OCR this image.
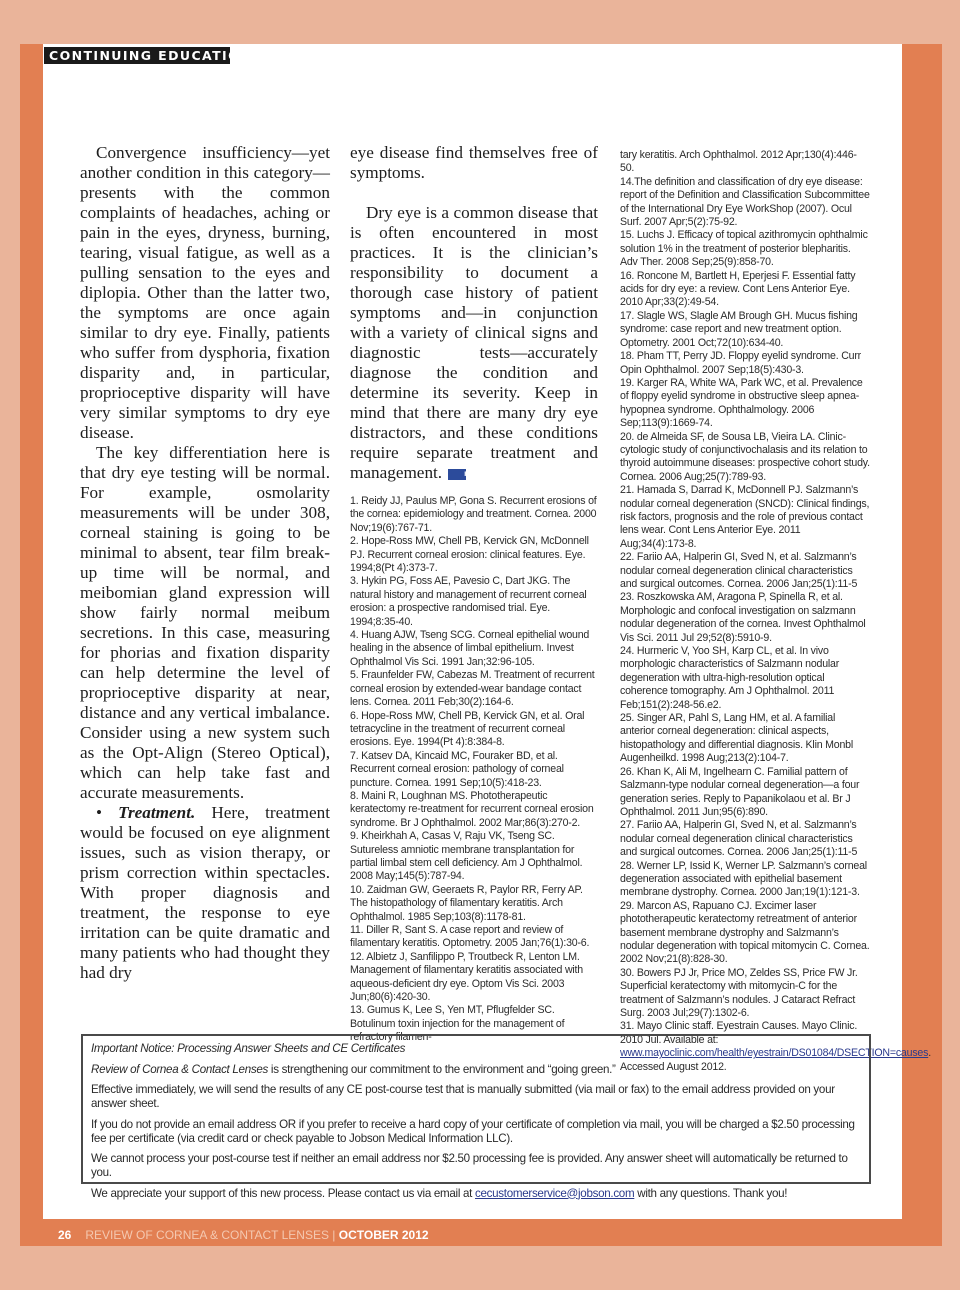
CONTINUING EDUCATION

Convergence insufficiency—yet another condition in this category—presents with the common complaints of headaches, aching or pain in the eyes, dryness, burning, tearing, visual fatigue, as well as a pulling sensation to the eyes and diplopia. Other than the latter two, the symptoms are once again similar to dry eye. Finally, patients who suffer from dysphoria, fixation disparity and, in particular, proprioceptive disparity will have very similar symptoms to dry eye disease.

The key differentiation here is that dry eye testing will be normal. For example, osmolarity measurements will be under 308, corneal staining is going to be minimal to absent, tear film break-up time will be normal, and meibomian gland expression will show fairly normal meibum secretions. In this case, measuring for phorias and fixation disparity can help determine the level of proprioceptive disparity at near, distance and any vertical imbalance. Consider using a new system such as the Opt-Align (Stereo Optical), which can help take fast and accurate measurements.

• Treatment. Here, treatment would be focused on eye alignment issues, such as vision therapy, or prism correction within spectacles. With proper diagnosis and treatment, the response to eye irritation can be quite dramatic and many patients who had thought they had dry

eye disease find themselves free of symptoms.

Dry eye is a common disease that is often encountered in most practices. It is the clinician’s responsibility to document a thorough case history of patient symptoms and—in conjunction with a variety of clinical signs and diagnostic tests—accurately diagnose the condition and determine its severity. Keep in mind that there are many dry eye distractors, and these conditions require separate treatment and management.	RCCL

1. Reidy JJ, Paulus MP, Gona S. Recurrent erosions of the cornea: epidemiology and treatment. Cornea. 2000 Nov;19(6):767-71.

2. Hope-Ross MW, Chell PB, Kervick GN, McDonnell PJ. Recurrent corneal erosion: clinical features. Eye. 1994;8(Pt 4):373-7.

3. Hykin PG, Foss AE, Pavesio C, Dart JKG. The natural history and management of recurrent corneal erosion: a prospective randomised trial. Eye. 1994;8:35-40.

4. Huang AJW, Tseng SCG. Corneal epithelial wound healing in the absence of limbal epithelium. Invest Ophthalmol Vis Sci. 1991 Jan;32:96-105.

5. Fraunfelder FW, Cabezas M. Treatment of recurrent corneal erosion by extended-wear bandage contact lens. Cornea. 2011 Feb;30(2):164-6.

6. Hope-Ross MW, Chell PB, Kervick GN, et al. Oral tetracycline in the treatment of recurrent corneal erosions. Eye. 1994(Pt 4):8:384-8.

7. Katsev DA, Kincaid MC, Fouraker BD, et al. Recurrent corneal erosion: pathology of corneal puncture. Cornea. 1991 Sep;10(5):418-23.

8. Maini R, Loughnan MS. Phototherapeutic keratectomy re-treatment for recurrent corneal erosion syndrome. Br J Ophthalmol. 2002 Mar;86(3):270-2.

9. Kheirkhah A, Casas V, Raju VK, Tseng SC. Sutureless amniotic membrane transplantation for partial limbal stem cell deficiency. Am J Ophthalmol. 2008 May;145(5):787-94.

10. Zaidman GW, Geeraets R, Paylor RR, Ferry AP. The histopathology of filamentary keratitis. Arch Ophthalmol. 1985 Sep;103(8):1178-81.

11. Diller R, Sant S. A case report and review of filamentary keratitis. Optometry. 2005 Jan;76(1):30-6.

12. Albietz J, Sanfilippo P, Troutbeck R, Lenton LM. Management of filamentary keratitis associated with aqueous-deficient dry eye. Optom Vis Sci. 2003 Jun;80(6):420-30.

13. Gumus K, Lee S, Yen MT, Pflugfelder SC. Botulinum toxin injection for the management of refractory filamen-

tary keratitis. Arch Ophthalmol. 2012 Apr;130(4):446-50.

14.The definition and classification of dry eye disease: report of the Definition and Classification Subcommittee of the International Dry Eye WorkShop (2007). Ocul Surf. 2007 Apr;5(2):75-92.

15. Luchs J. Efficacy of topical azithromycin ophthalmic solution 1% in the treatment of posterior blepharitis. Adv Ther. 2008 Sep;25(9):858-70.

16. Roncone M, Bartlett H, Eperjesi F. Essential fatty acids for dry eye: a review. Cont Lens Anterior Eye. 2010 Apr;33(2):49-54.

17. Slagle WS, Slagle AM Brough GH. Mucus fishing syndrome: case report and new treatment option. Optometry. 2001 Oct;72(10):634-40.

18. Pham TT, Perry JD. Floppy eyelid syndrome. Curr Opin Ophthalmol. 2007 Sep;18(5):430-3.

19. Karger RA, White WA, Park WC, et al. Prevalence of floppy eyelid syndrome in obstructive sleep apnea-hypopnea syndrome. Ophthalmology. 2006 Sep;113(9):1669-74.

20. de Almeida SF, de Sousa LB, Vieira LA. Clinic-cytologic study of conjunctivochalasis and its relation to thyroid autoimmune diseases: prospective cohort study. Cornea. 2006 Aug;25(7):789-93.

21. Hamada S, Darrad K, McDonnell PJ. Salzmann’s nodular corneal degeneration (SNCD): Clinical findings, risk factors, prognosis and the role of previous contact lens wear. Cont Lens Anterior Eye. 2011 Aug;34(4):173-8.

22. Fariio AA, Halperin GI, Sved N, et al. Salzmann’s nodular corneal degeneration clinical characteristics and surgical outcomes. Cornea. 2006 Jan;25(1):11-5

23. Roszkowska AM, Aragona P, Spinella R, et al. Morphologic and confocal investigation on salzmann nodular degeneration of the cornea. Invest Ophthalmol Vis Sci. 2011 Jul 29;52(8):5910-9.

24. Hurmeric V, Yoo SH, Karp CL, et al. In vivo morphologic characteristics of Salzmann nodular degeneration with ultra-high-resolution optical coherence tomography. Am J Ophthalmol. 2011 Feb;151(2):248-56.e2.

25. Singer AR, Pahl S, Lang HM, et al. A familial anterior corneal degeneration: clinical aspects, histopathology and differential diagnosis. Klin Monbl Augenheilkd. 1998 Aug;213(2):104-7.

26. Khan K, Ali M, Ingelhearn C. Familial pattern of Salzmann-type nodular corneal degeneration—a four generation series. Reply to Papanikolaou et al. Br J Ophthalmol. 2011 Jun;95(6):890.

27. Fariio AA, Halperin GI, Sved N, et al. Salzmann’s nodular corneal degeneration clinical characteristics and surgical outcomes. Cornea. 2006 Jan;25(1):11-5

28. Werner LP, Issid K, Werner LP. Salzmann’s corneal degeneration associated with epithelial basement membrane dystrophy. Cornea. 2000 Jan;19(1):121-3.

29. Marcon AS, Rapuano CJ. Excimer laser phototherapeutic keratectomy retreatment of anterior basement membrane dystrophy and Salzmann’s nodular degeneration with topical mitomycin C. Cornea. 2002 Nov;21(8):828-30.

30. Bowers PJ Jr, Price MO, Zeldes SS, Price FW Jr. Superficial keratectomy with mitomycin-C for the treatment of Salzmann’s nodules. J Cataract Refract Surg. 2003 Jul;29(7):1302-6.

31. Mayo Clinic staff. Eyestrain Causes. Mayo Clinic. 2010 Jul. Available at: www.mayoclinic.com/health/eyestrain/DS01084/DSECTION=causes. Accessed August 2012.

Important Notice: Processing Answer Sheets and CE Certificates

Review of Cornea & Contact Lenses is strengthening our commitment to the environment and “going green.”

Effective immediately, we will send the results of any CE post-course test that is manually submitted (via mail or fax) to the email address provided on your answer sheet.

If you do not provide an email address OR if you prefer to receive a hard copy of your certificate of completion via mail, you will be charged a $2.50 processing fee per certificate (via credit card or check payable to Jobson Medical Information LLC).

We cannot process your post-course test if neither an email address nor $2.50 processing fee is provided. Any answer sheet will automatically be returned to you.

We appreciate your support of this new process. Please contact us via email at cecustomerservice@jobson.com with any questions. Thank you!

26 REVIEW OF CORNEA & CONTACT LENSES | OCTOBER 2012
